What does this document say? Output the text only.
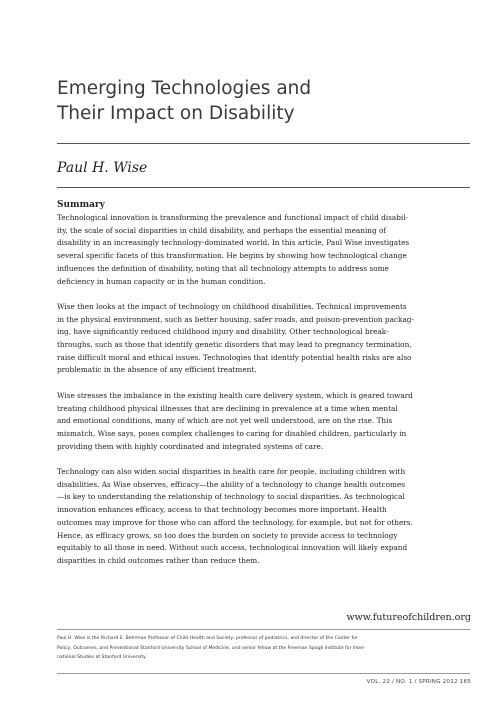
Emerging Technologies and
Their Impact on Disability
Paul H. Wise
Summary

Technological innovation is transforming the prevalence and functional impact of child disabil-
ity, the scale of social disparities in child disability, and perhaps the essential meaning of
disability in an increasingly technology-dominated world. In this article, Paul Wise investigates
several specific facets of this transformation. He begins by showing how technological change
influences the definition of disability, noting that all technology attempts to address some
deficiency in human capacity or in the human condition.

Wise then looks at the impact of technology on childhood disabilities. Technical improvements
in the physical environment, such as better housing, safer roads, and poison-prevention packag-
ing, have significantly reduced childhood injury and disability. Other technological break-
throughs, such as those that identify genetic disorders that may lead to pregnancy termination,
raise difficult moral and ethical issues. Technologies that identify potential health risks are also
problematic in the absence of any efficient treatment.

Wise stresses the imbalance in the existing health care delivery system, which is geared toward
treating childhood physical illnesses that are declining in prevalence at a time when mental
and emotional conditions, many of which are not yet well understood, are on the rise. This
mismatch, Wise says, poses complex challenges to caring for disabled children, particularly in
providing them with highly coordinated and integrated systems of care.

Technology can also widen social disparities in health care for people, including children with
disabilities. As Wise observes, efficacy—the ability of a technology to change health outcomes
—is key to understanding the relationship of technology to social disparities. As technological
innovation enhances efficacy, access to that technology becomes more important. Health
outcomes may improve for those who can afford the technology, for example, but not for others.
Hence, as efficacy grows, so too does the burden on society to provide access to technology
equitably to all those in need. Without such access, technological innovation will likely expand
disparities in child outcomes rather than reduce them.

www.futureofchildren.org
Paul H. Wise is the Richard E. Behrman Professor of Child Health and Society, professor of pediatrics, and director of the Center for
Policy, Outcomes, and Preventionat Stanford University School of Medicine, and senior fellow at the Freeman Spogli Institute for Inter-
national Studies at Stanford University.
VOL. 22 / NO. 1 / SPRING 2012 165
